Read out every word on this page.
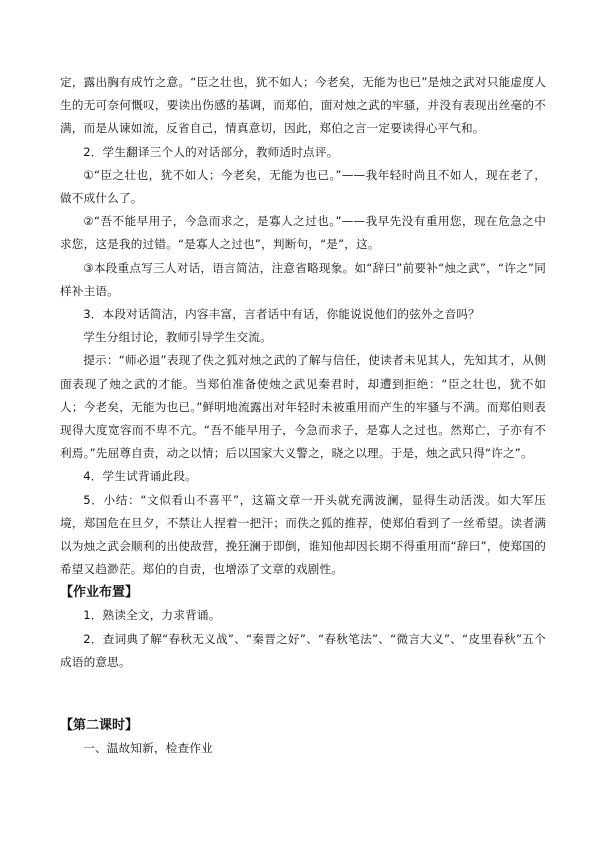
定，露出胸有成竹之意。“臣之壮也，犹不如人；今老矣，无能为也已”是烛之武对只能虚度人生的无可奈何慨叹，要读出伤感的基调，而郑伯，面对烛之武的牢骚，并没有表现出丝毫的不满，而是从谏如流，反省自己，情真意切，因此，郑伯之言一定要读得心平气和。

2．学生翻译三个人的对话部分，教师适时点评。

①“臣之壮也，犹不如人；今老矣，无能为也已。”——我年轻时尚且不如人，现在老了，做不成什么了。

②“吾不能早用子，今急而求之，是寡人之过也。”——我早先没有重用您，现在危急之中求您，这是我的过错。“是寡人之过也”，判断句，“是”，这。

③本段重点写三人对话，语言简洁，注意省略现象。如“辞曰”前要补“烛之武”，“许之”同样补主语。

3．本段对话简洁，内容丰富，言者话中有话，你能说说他们的弦外之音吗？

学生分组讨论，教师引导学生交流。

提示：“师必退”表现了佚之狐对烛之武的了解与信任，使读者未见其人，先知其才，从侧面表现了烛之武的才能。当郑伯准备使烛之武见秦君时，却遭到拒绝：“臣之壮也，犹不如人；今老矣，无能为也已。”鲜明地流露出对年轻时未被重用而产生的牢骚与不满。而郑伯则表现得大度宽容而不卑不亢。“吾不能早用子，今急而求子，是寡人之过也。然郑亡，子亦有不利焉。”先屈尊自责，动之以情；后以国家大义警之，晓之以理。于是，烛之武只得“许之”。

4．学生试背诵此段。

5．小结：“文似看山不喜平”，这篇文章一开头就充满波澜，显得生动活泼。如大军压境，郑国危在旦夕，不禁让人捏着一把汗；而佚之狐的推荐，使郑伯看到了一丝希望。读者满以为烛之武会顺利的出使敌营，挽狂澜于即倒，谁知他却因长期不得重用而“辞曰”，使郑国的希望又趋渺茫。郑伯的自责，也增添了文章的戏剧性。

【作业布置】

1．熟读全文，力求背诵。

2．查词典了解“春秋无义战”、“秦晋之好”、“春秋笔法”、“微言大义”、“皮里春秋”五个成语的意思。

【第二课时】

一、温故知新，检查作业
